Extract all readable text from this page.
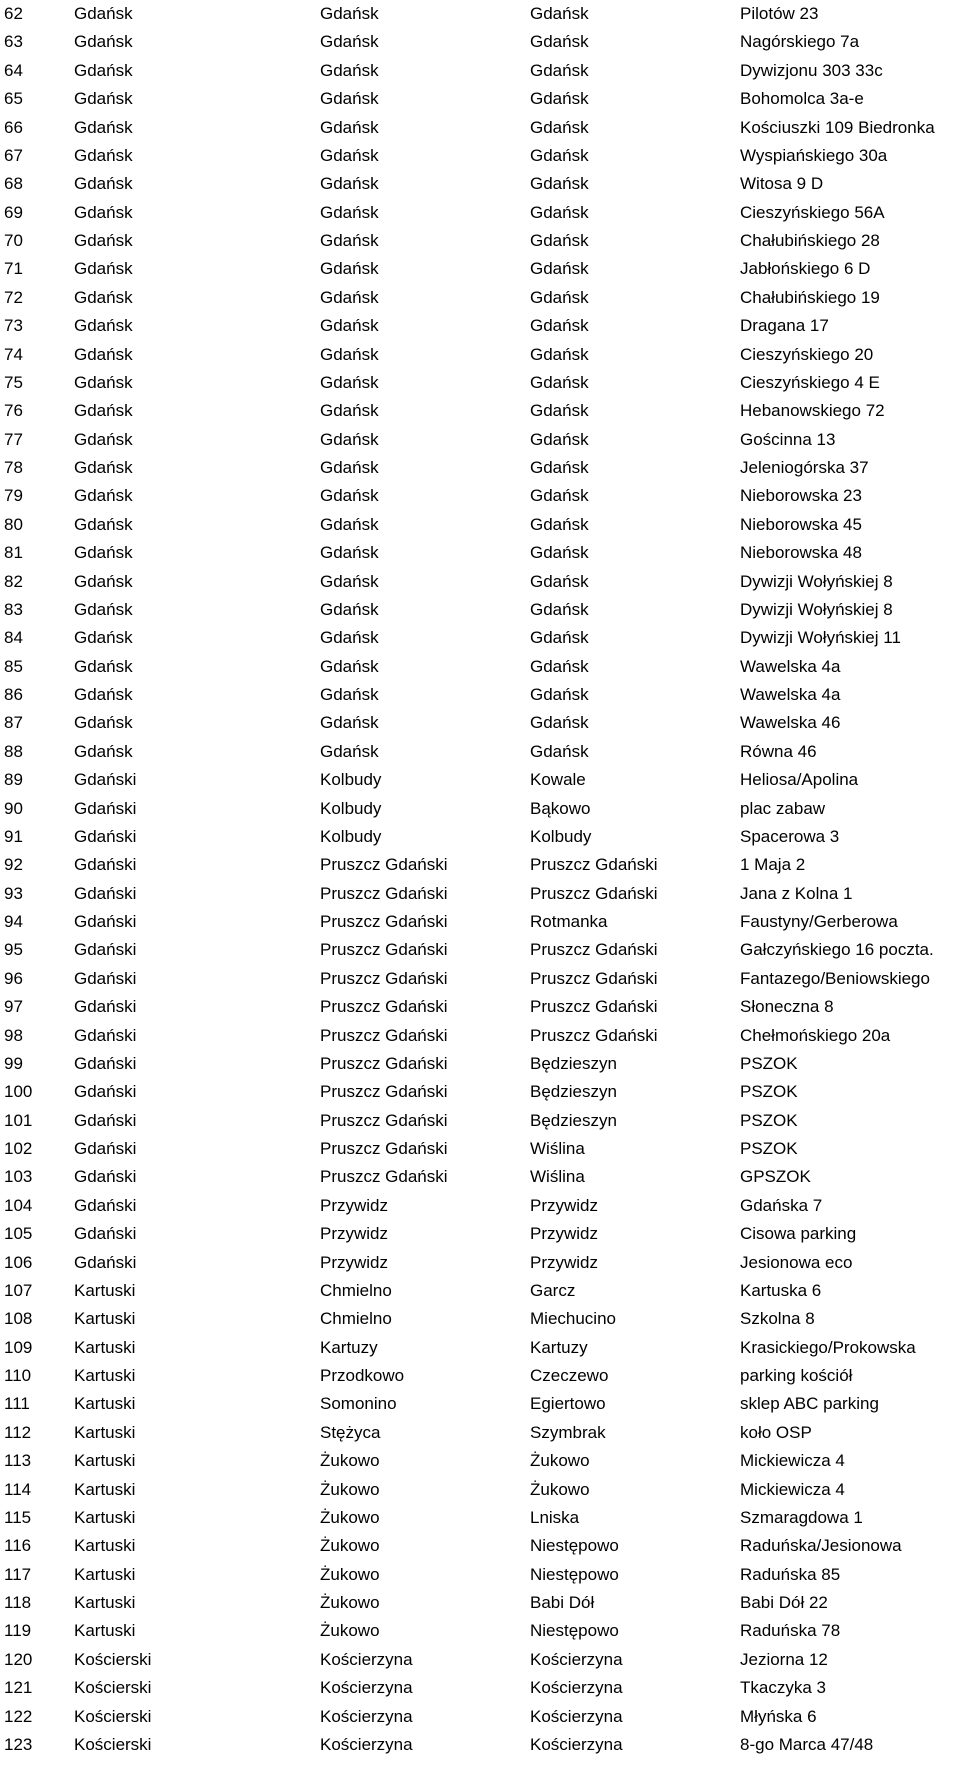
62	Gdańsk	Gdańsk	Gdańsk	Pilotów 23
63	Gdańsk	Gdańsk	Gdańsk	Nagórskiego 7a
64	Gdańsk	Gdańsk	Gdańsk	Dywizjonu 303 33c
65	Gdańsk	Gdańsk	Gdańsk	Bohomolca 3a-e
66	Gdańsk	Gdańsk	Gdańsk	Kościuszki 109 Biedronka
67	Gdańsk	Gdańsk	Gdańsk	Wyspiańskiego 30a
68	Gdańsk	Gdańsk	Gdańsk	Witosa 9 D
69	Gdańsk	Gdańsk	Gdańsk	Cieszyńskiego 56A
70	Gdańsk	Gdańsk	Gdańsk	Chałubińskiego 28
71	Gdańsk	Gdańsk	Gdańsk	Jabłońskiego 6 D
72	Gdańsk	Gdańsk	Gdańsk	Chałubińskiego 19
73	Gdańsk	Gdańsk	Gdańsk	Dragana 17
74	Gdańsk	Gdańsk	Gdańsk	Cieszyńskiego 20
75	Gdańsk	Gdańsk	Gdańsk	Cieszyńskiego 4 E
76	Gdańsk	Gdańsk	Gdańsk	Hebanowskiego 72
77	Gdańsk	Gdańsk	Gdańsk	Gościnna 13
78	Gdańsk	Gdańsk	Gdańsk	Jeleniogórska 37
79	Gdańsk	Gdańsk	Gdańsk	Nieborowska 23
80	Gdańsk	Gdańsk	Gdańsk	Nieborowska 45
81	Gdańsk	Gdańsk	Gdańsk	Nieborowska 48
82	Gdańsk	Gdańsk	Gdańsk	Dywizji Wołyńskiej 8
83	Gdańsk	Gdańsk	Gdańsk	Dywizji Wołyńskiej 8
84	Gdańsk	Gdańsk	Gdańsk	Dywizji Wołyńskiej 11
85	Gdańsk	Gdańsk	Gdańsk	Wawelska 4a
86	Gdańsk	Gdańsk	Gdańsk	Wawelska 4a
87	Gdańsk	Gdańsk	Gdańsk	Wawelska 46
88	Gdańsk	Gdańsk	Gdańsk	Równa 46
89	Gdański	Kolbudy	Kowale	Heliosa/Apolina
90	Gdański	Kolbudy	Bąkowo	plac zabaw
91	Gdański	Kolbudy	Kolbudy	Spacerowa 3
92	Gdański	Pruszcz Gdański	Pruszcz Gdański	1 Maja 2
93	Gdański	Pruszcz Gdański	Pruszcz Gdański	Jana z Kolna 1
94	Gdański	Pruszcz Gdański	Rotmanka	Faustyny/Gerberowa
95	Gdański	Pruszcz Gdański	Pruszcz Gdański	Gałczyńskiego 16 poczta.
96	Gdański	Pruszcz Gdański	Pruszcz Gdański	Fantazego/Beniowskiego
97	Gdański	Pruszcz Gdański	Pruszcz Gdański	Słoneczna 8
98	Gdański	Pruszcz Gdański	Pruszcz Gdański	Chełmońskiego 20a
99	Gdański	Pruszcz Gdański	Będzieszyn	PSZOK
100	Gdański	Pruszcz Gdański	Będzieszyn	PSZOK
101	Gdański	Pruszcz Gdański	Będzieszyn	PSZOK
102	Gdański	Pruszcz Gdański	Wiślina	PSZOK
103	Gdański	Pruszcz Gdański	Wiślina	GPSZOK
104	Gdański	Przywidz	Przywidz	Gdańska 7
105	Gdański	Przywidz	Przywidz	Cisowa parking
106	Gdański	Przywidz	Przywidz	Jesionowa eco
107	Kartuski	Chmielno	Garcz	Kartuska 6
108	Kartuski	Chmielno	Miechucino	Szkolna 8
109	Kartuski	Kartuzy	Kartuzy	Krasickiego/Prokowska
110	Kartuski	Przodkowo	Czeczewo	parking kościół
111	Kartuski	Somonino	Egiertowo	sklep ABC parking
112	Kartuski	Stężyca	Szymbrak	koło OSP
113	Kartuski	Żukowo	Żukowo	Mickiewicza 4
114	Kartuski	Żukowo	Żukowo	Mickiewicza 4
115	Kartuski	Żukowo	Lniska	Szmaragdowa 1
116	Kartuski	Żukowo	Niestępowo	Raduńska/Jesionowa
117	Kartuski	Żukowo	Niestępowo	Raduńska 85
118	Kartuski	Żukowo	Babi Dół	Babi Dół 22
119	Kartuski	Żukowo	Niestępowo	Raduńska 78
120	Kościerski	Kościerzyna	Kościerzyna	Jeziorna 12
121	Kościerski	Kościerzyna	Kościerzyna	Tkaczyka 3
122	Kościerski	Kościerzyna	Kościerzyna	Młyńska 6
123	Kościerski	Kościerzyna	Kościerzyna	8-go Marca 47/48
